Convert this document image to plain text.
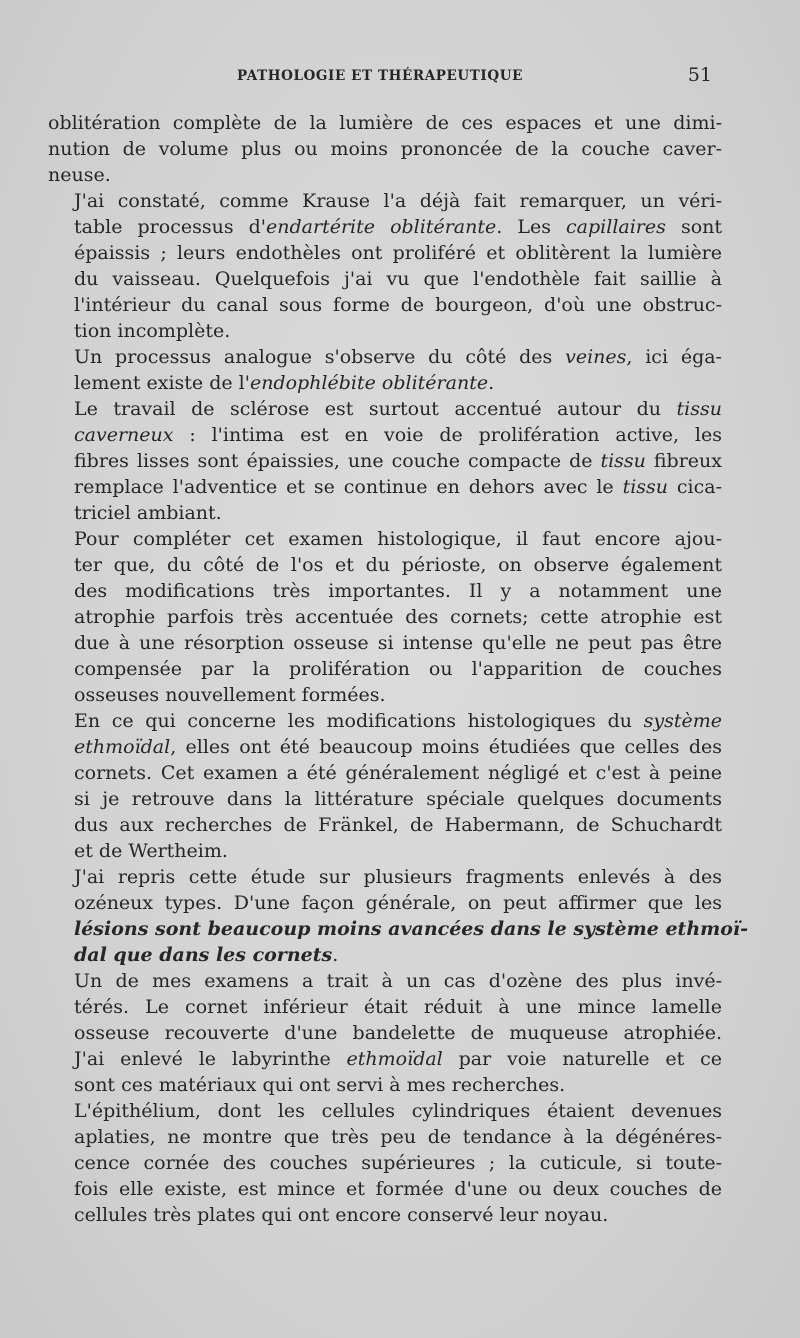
PATHOLOGIE ET THÉRAPEUTIQUE	51

oblitération complète de la lumière de ces espaces et une dimi-
nution de volume plus ou moins prononcée de la couche caver-
neuse.

J'ai constaté, comme Krause l'a déjà fait remarquer, un véri-
table processus d'endartérite oblitérante. Les capillaires sont
épaissis ; leurs endothèles ont proliféré et oblitèrent la lumière
du vaisseau. Quelquefois j'ai vu que l'endothèle fait saillie à
l'intérieur du canal sous forme de bourgeon, d'où une obstruc-
tion incomplète.

Un processus analogue s'observe du côté des veines, ici éga-
lement existe de l'endophlébite oblitérante.

Le travail de sclérose est surtout accentué autour du tissu
caverneux : l'intima est en voie de prolifération active, les
fibres lisses sont épaissies, une couche compacte de tissu fibreux
remplace l'adventice et se continue en dehors avec le tissu cica-
triciel ambiant.

Pour compléter cet examen histologique, il faut encore ajou-
ter que, du côté de l'os et du périoste, on observe également
des modifications très importantes. Il y a notamment une
atrophie parfois très accentuée des cornets; cette atrophie est
due à une résorption osseuse si intense qu'elle ne peut pas être
compensée par la prolifération ou l'apparition de couches
osseuses nouvellement formées.

En ce qui concerne les modifications histologiques du système
ethmoïdal, elles ont été beaucoup moins étudiées que celles des
cornets. Cet examen a été généralement négligé et c'est à peine
si je retrouve dans la littérature spéciale quelques documents
dus aux recherches de Fränkel, de Habermann, de Schuchardt
et de Wertheim.

J'ai repris cette étude sur plusieurs fragments enlevés à des
ozéneux types. D'une façon générale, on peut affirmer que les
lésions sont beaucoup moins avancées dans le système ethmoï-
dal que dans les cornets.

Un de mes examens a trait à un cas d'ozène des plus invé-
térés. Le cornet inférieur était réduit à une mince lamelle
osseuse recouverte d'une bandelette de muqueuse atrophiée.
J'ai enlevé le labyrinthe ethmoïdal par voie naturelle et ce
sont ces matériaux qui ont servi à mes recherches.

L'épithélium, dont les cellules cylindriques étaient devenues
aplaties, ne montre que très peu de tendance à la dégénéres-
cence cornée des couches supérieures ; la cuticule, si toute-
fois elle existe, est mince et formée d'une ou deux couches de
cellules très plates qui ont encore conservé leur noyau.
